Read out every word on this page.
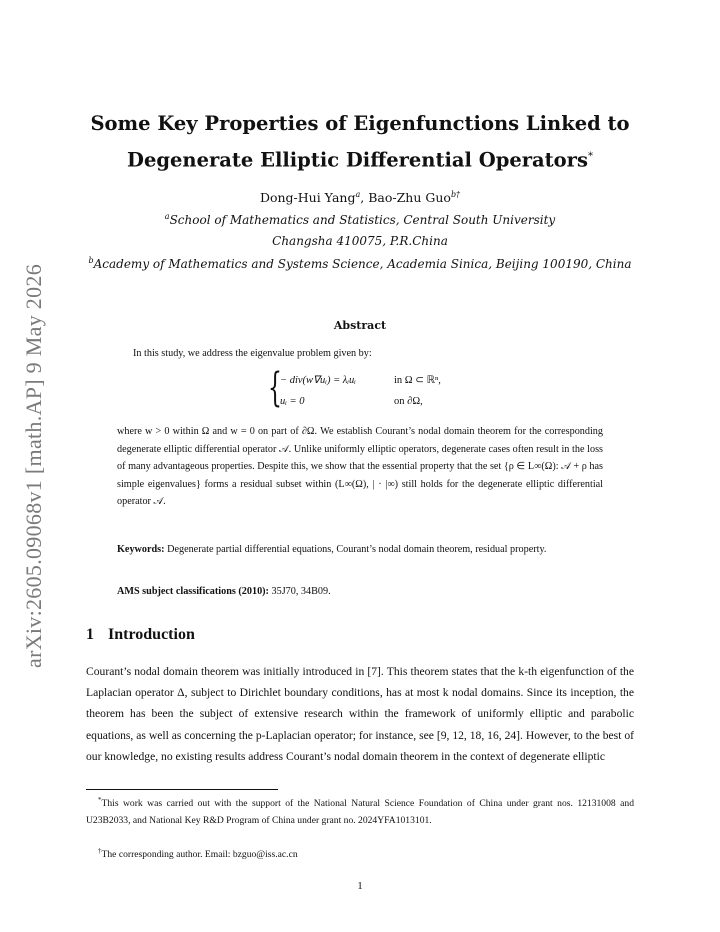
arXiv:2605.09068v1 [math.AP] 9 May 2026
Some Key Properties of Eigenfunctions Linked to
Degenerate Elliptic Differential Operators*
Dong-Hui Yang$^a$, Bao-Zhu Guo$^{b\dagger}$
$^a$School of Mathematics and Statistics, Central South University
Changsha 410075, P.R.China
$^b$Academy of Mathematics and Systems Science, Academia Sinica, Beijing 100190, China
Abstract
In this study, we address the eigenvalue problem given by:
{
− div(w∇uᵢ) = λᵢuᵢ	in Ω ⊂ ℝⁿ,
uᵢ = 0	on ∂Ω,
where w > 0 within Ω and w = 0 on part of ∂Ω. We establish Courant’s nodal domain theorem for the corresponding degenerate elliptic differential operator 𝒜. Unlike uniformly elliptic operators, degenerate cases often result in the loss of many advantageous properties. Despite this, we show that the essential property that the set {ρ ∈ L∞(Ω): 𝒜 + ρ has simple eigenvalues} forms a residual subset within (L∞(Ω), | · |∞) still holds for the degenerate elliptic differential operator 𝒜.
Keywords: Degenerate partial differential equations, Courant’s nodal domain theorem, residual property.
AMS subject classifications (2010): 35J70, 34B09.
1 Introduction
Courant’s nodal domain theorem was initially introduced in [7]. This theorem states that the k-th eigenfunction of the Laplacian operator Δ, subject to Dirichlet boundary conditions, has at most k nodal domains. Since its inception, the theorem has been the subject of extensive research within the framework of uniformly elliptic and parabolic equations, as well as concerning the p-Laplacian operator; for instance, see [9, 12, 18, 16, 24]. However, to the best of our knowledge, no existing results address Courant’s nodal domain theorem in the context of degenerate elliptic
*This work was carried out with the support of the National Natural Science Foundation of China under grant nos. 12131008 and U23B2033, and National Key R&D Program of China under grant no. 2024YFA1013101.
†The corresponding author. Email: bzguo@iss.ac.cn
1
